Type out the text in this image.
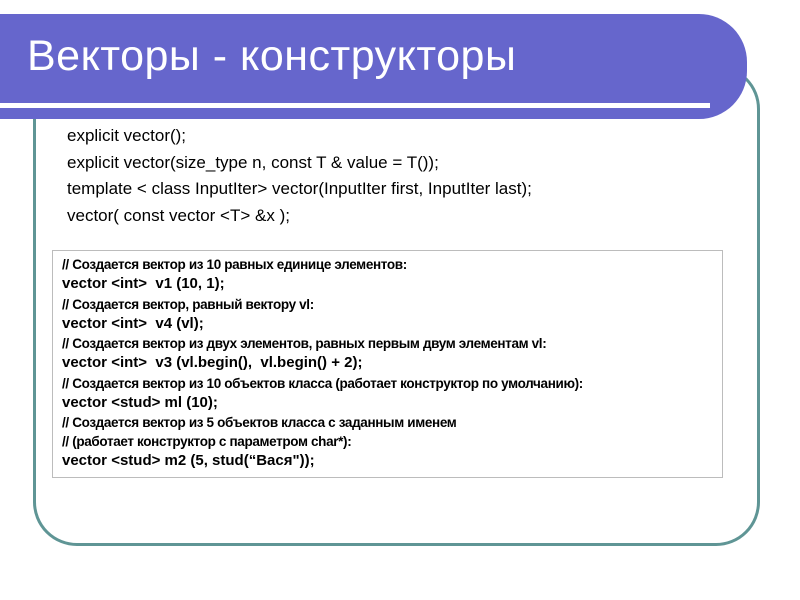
Векторы - конструкторы
explicit vector();
explicit vector(size_type n, const T & value = T());
template < class InputIter> vector(InputIter first, InputIter last);
vector( const vector <T> &x );
// Создается вектор из 10 равных единице элементов:
vector <int>  v1 (10, 1);
// Создается вектор, равный вектору vl:
vector <int>  v4 (vl);
// Создается вектор из двух элементов, равных первым двум элементам vl:
vector <int>  v3 (vl.begin(),  vl.begin() + 2);
// Создается вектор из 10 объектов класса (работает конструктор по умолчанию):
vector <stud> ml (10);
// Создается вектор из 5 объектов класса с заданным именем
// (работает конструктор с параметром char*):
vector <stud> m2 (5, stud(“Вася"));
